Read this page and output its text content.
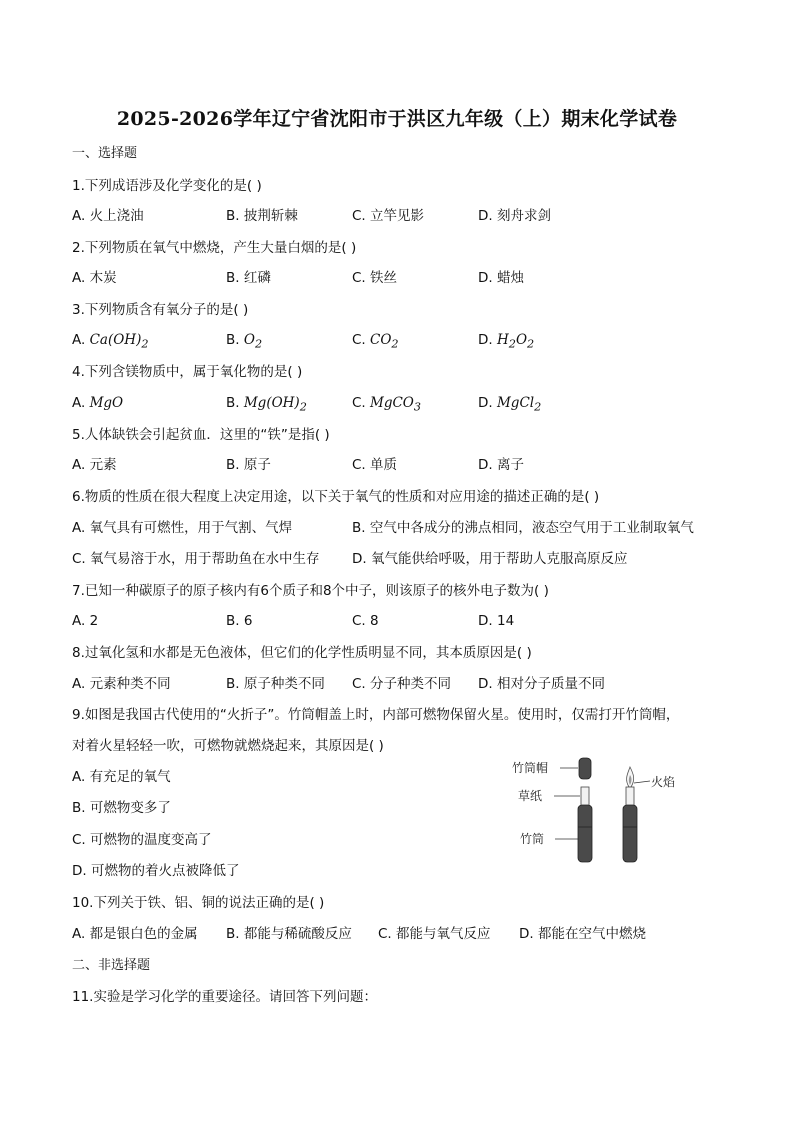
2025-2026学年辽宁省沈阳市于洪区九年级（上）期末化学试卷
一、选择题
1.下列成语涉及化学变化的是( )
A. 火上浇油	B. 披荆斩棘	C. 立竿见影	D. 刻舟求剑
2.下列物质在氧气中燃烧，产生大量白烟的是( )
A. 木炭	B. 红磷	C. 铁丝	D. 蜡烛
3.下列物质含有氧分子的是( )
A. $Ca(OH)_2$	B. $O_2$	C. $CO_2$	D. $H_2O_2$
4.下列含镁物质中，属于氧化物的是( )
A. MgO	B. $Mg(OH)_2$	C. MgCO$_3$	D. MgCl$_2$
5.人体缺铁会引起贫血．这里的“铁”是指( )
A. 元素	B. 原子	C. 单质	D. 离子
6.物质的性质在很大程度上决定用途，以下关于氧气的性质和对应用途的描述正确的是( )
A. 氧气具有可燃性，用于气割、气焊	B. 空气中各成分的沸点相同，液态空气用于工业制取氧气
C. 氧气易溶于水，用于帮助鱼在水中生存 D. 氧气能供给呼吸，用于帮助人克服高原反应
7.已知一种碳原子的原子核内有6个质子和8个中子，则该原子的核外电子数为( )
A. 2	B. 6	C. 8	D. 14
8.过氧化氢和水都是无色液体，但它们的化学性质明显不同，其本质原因是( )
A. 元素种类不同	B. 原子种类不同 C. 分子种类不同 D. 相对分子质量不同
9.如图是我国古代使用的“火折子”。竹筒帽盖上时，内部可燃物保留火星。使用时，仅需打开竹筒帽，
对着火星轻轻一吹，可燃物就燃烧起来，其原因是( )
A. 有充足的氧气
B. 可燃物变多了
C. 可燃物的温度变高了
D. 可燃物的着火点被降低了
竹筒帽
草纸
竹筒
火焰
10.下列关于铁、铝、铜的说法正确的是( )
A. 都是银白色的金属 B. 都能与稀硫酸反应 C. 都能与氧气反应 D. 都能在空气中燃烧
二、非选择题
11.实验是学习化学的重要途径。请回答下列问题：
